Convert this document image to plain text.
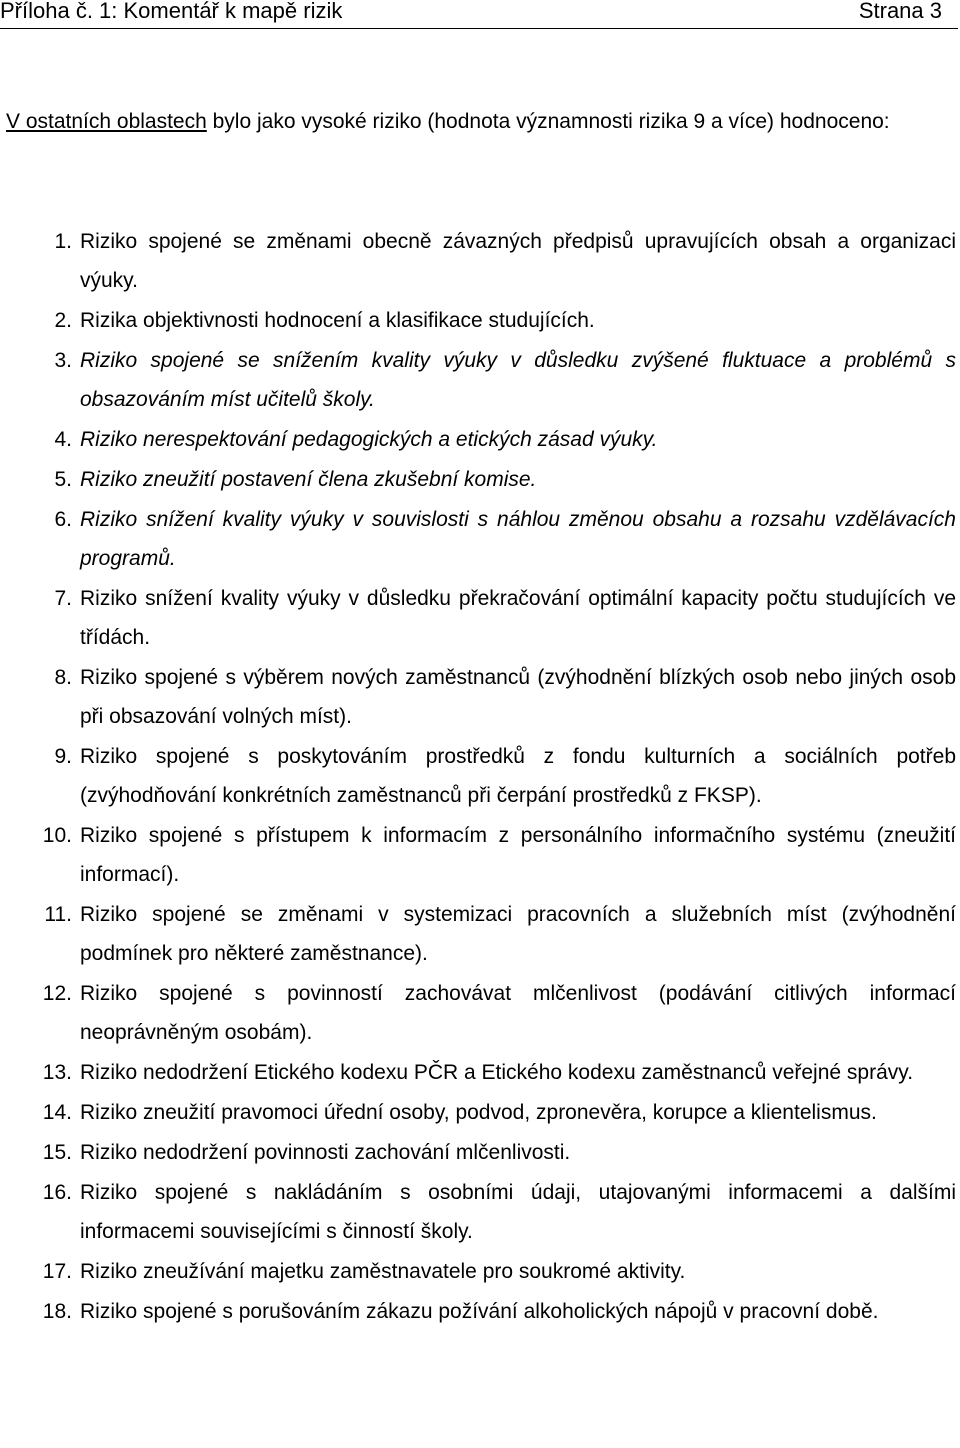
Příloha č. 1: Komentář k mapě rizik	Strana 3
V ostatních oblastech bylo jako vysoké riziko (hodnota významnosti rizika 9 a více) hodnoceno:
1. Riziko spojené se změnami obecně závazných předpisů upravujících obsah a organizaci výuky.
2. Rizika objektivnosti hodnocení a klasifikace studujících.
3. Riziko spojené se snížením kvality výuky v důsledku zvýšené fluktuace a problémů s obsazováním míst učitelů školy.
4. Riziko nerespektování pedagogických a etických zásad výuky.
5. Riziko zneužití postavení člena zkušební komise.
6. Riziko snížení kvality výuky v souvislosti s náhlou změnou obsahu a rozsahu vzdělávacích programů.
7. Riziko snížení kvality výuky v důsledku překračování optimální kapacity počtu studujících ve třídách.
8. Riziko spojené s výběrem nových zaměstnanců (zvýhodnění blízkých osob nebo jiných osob při obsazování volných míst).
9. Riziko spojené s poskytováním prostředků z fondu kulturních a sociálních potřeb (zvýhodňování konkrétních zaměstnanců při čerpání prostředků z FKSP).
10. Riziko spojené s přístupem k informacím z personálního informačního systému (zneužití informací).
11. Riziko spojené se změnami v systemizaci pracovních a služebních míst (zvýhodnění podmínek pro některé zaměstnance).
12. Riziko spojené s povinností zachovávat mlčenlivost (podávání citlivých informací neoprávněným osobám).
13. Riziko nedodržení Etického kodexu PČR a Etického kodexu zaměstnanců veřejné správy.
14. Riziko zneužití pravomoci úřední osoby, podvod, zpronevěra, korupce a klientelismus.
15. Riziko nedodržení povinnosti zachování mlčenlivosti.
16. Riziko spojené s nakládáním s osobními údaji, utajovanými informacemi a dalšími informacemi souvisejícími s činností školy.
17. Riziko zneužívání majetku zaměstnavatele pro soukromé aktivity.
18. Riziko spojené s porušováním zákazu požívání alkoholických nápojů v pracovní době.
